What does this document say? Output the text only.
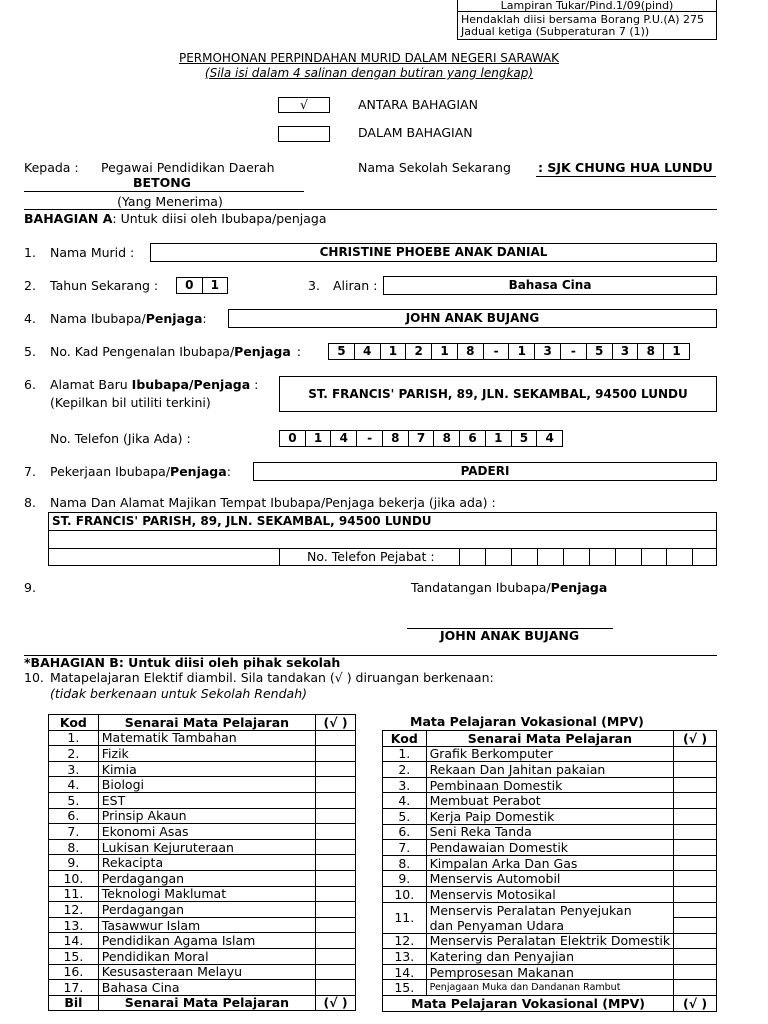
Lampiran Tukar/Pind.1/09(pind)
Hendaklah diisi bersama Borang P.U.(A) 275
Jadual ketiga (Subperaturan 7 (1))
PERMOHONAN PERPINDAHAN MURID DALAM NEGERI SARAWAK
(Sila isi dalam 4 salinan dengan butiran yang lengkap)
√	ANTARA BAHAGIAN
DALAM BAHAGIAN
Kepada : Pegawai Pendidikan Daerah
BETONG
(Yang Menerima)
Nama Sekolah Sekarang : SJK CHUNG HUA LUNDU
BAHAGIAN A: Untuk diisi oleh Ibubapa/penjaga
1. Nama Murid :	CHRISTINE PHOEBE ANAK DANIAL
2. Tahun Sekarang :	0	1	3. Aliran :	Bahasa Cina
4. Nama Ibubapa/Penjaga:	JOHN ANAK BUJANG
5. No. Kad Pengenalan Ibubapa/Penjaga :	5	4	1	2	1	8	-	1	3	-	5	3	8	1
6. Alamat Baru Ibubapa/Penjaga :
(Kepilkan bil utiliti terkini)
ST. FRANCIS' PARISH, 89, JLN. SEKAMBAL, 94500 LUNDU
No. Telefon (Jika Ada) :	0	1	4	-	8	7	8	6	1	5	4
7. Pekerjaan Ibubapa/Penjaga:	PADERI
8. Nama Dan Alamat Majikan Tempat Ibubapa/Penjaga bekerja (jika ada) :
ST. FRANCIS' PARISH, 89, JLN. SEKAMBAL, 94500 LUNDU
No. Telefon Pejabat :
9.	Tandatangan Ibubapa/Penjaga
JOHN ANAK BUJANG
*BAHAGIAN B: Untuk diisi oleh pihak sekolah
10. Matapelajaran Elektif diambil. Sila tandakan (√ ) diruangan berkenaan:
(tidak berkenaan untuk Sekolah Rendah)
Kod	Senarai Mata Pelajaran	(√ )
1.	Matematik Tambahan	
2.	Fizik	
3.	Kimia	
4.	Biologi	
5.	EST	
6.	Prinsip Akaun	
7.	Ekonomi Asas	
8.	Lukisan Kejuruteraan	
9.	Rekacipta	
10.	Perdagangan	
11.	Teknologi Maklumat	
12.	Perdagangan	
13.	Tasawwur Islam	
14.	Pendidikan Agama Islam	
15.	Pendidikan Moral	
16.	Kesusasteraan Melayu	
17.	Bahasa Cina	
Bil	Senarai Mata Pelajaran	(√ )
Mata Pelajaran Vokasional (MPV)
Kod	Senarai Mata Pelajaran	(√ )
1.	Grafik Berkomputer	
2.	Rekaan Dan Jahitan pakaian	
3.	Pembinaan Domestik	
4.	Membuat Perabot	
5.	Kerja Paip Domestik	
6.	Seni Reka Tanda	
7.	Pendawaian Domestik	
8.	Kimpalan Arka Dan Gas	
9.	Menservis Automobil	
10.	Menservis Motosikal	
11.	Menservis Peralatan Penyejukan
dan Penyaman Udara	

12.	Menservis Peralatan Elektrik Domestik	
13.	Katering dan Penyajian	
14.	Pemprosesan Makanan	
15.	Penjagaan Muka dan Dandanan Rambut	
Mata Pelajaran Vokasional (MPV)		(√ )
